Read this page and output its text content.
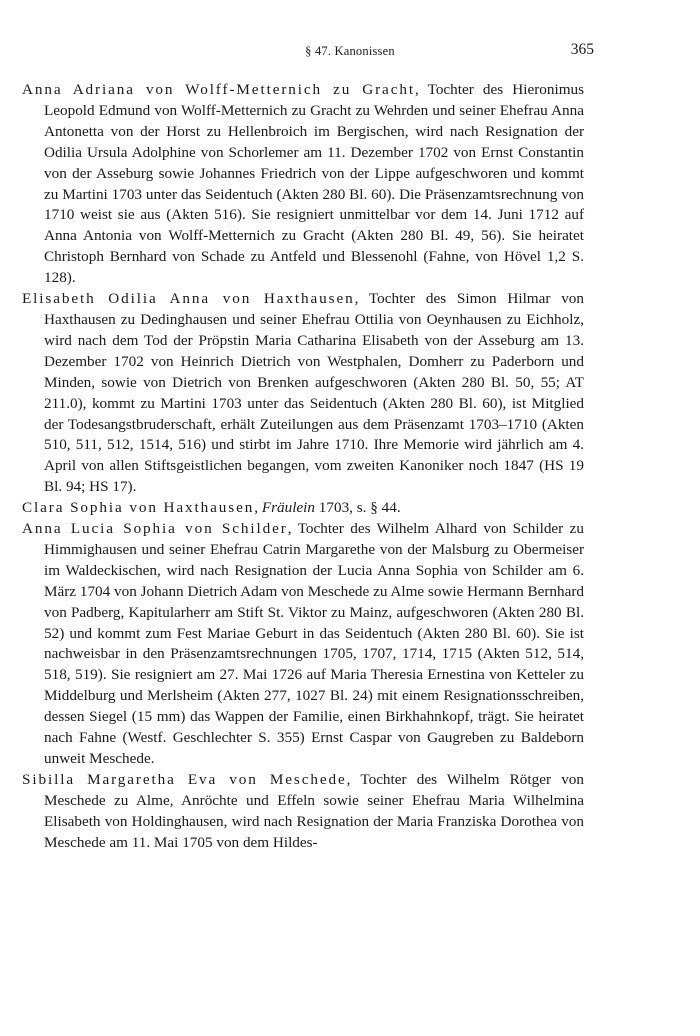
§ 47. Kanonissen	365

Anna Adriana von Wolff-Metternich zu Gracht, Tochter des Hieronimus Leopold Edmund von Wolff-Metternich zu Gracht zu Wehrden und seiner Ehefrau Anna Antonetta von der Horst zu Hellenbroich im Bergischen, wird nach Resignation der Odilia Ursula Adolphine von Schorlemer am 11. Dezember 1702 von Ernst Constantin von der Asseburg sowie Johannes Friedrich von der Lippe aufgeschworen und kommt zu Martini 1703 unter das Seidentuch (Akten 280 Bl. 60). Die Präsenzamtsrechnung von 1710 weist sie aus (Akten 516). Sie resigniert unmittelbar vor dem 14. Juni 1712 auf Anna Antonia von Wolff-Metternich zu Gracht (Akten 280 Bl. 49, 56). Sie heiratet Christoph Bernhard von Schade zu Antfeld und Blessenohl (Fahne, von Hövel 1,2 S. 128).

Elisabeth Odilia Anna von Haxthausen, Tochter des Simon Hilmar von Haxthausen zu Dedinghausen und seiner Ehefrau Ottilia von Oeynhausen zu Eichholz, wird nach dem Tod der Pröpstin Maria Catharina Elisabeth von der Asseburg am 13. Dezember 1702 von Heinrich Dietrich von Westphalen, Domherr zu Paderborn und Minden, sowie von Dietrich von Brenken aufgeschworen (Akten 280 Bl. 50, 55; AT 211.0), kommt zu Martini 1703 unter das Seidentuch (Akten 280 Bl. 60), ist Mitglied der Todesangstbruderschaft, erhält Zuteilungen aus dem Präsenzamt 1703–1710 (Akten 510, 511, 512, 1514, 516) und stirbt im Jahre 1710. Ihre Memorie wird jährlich am 4. April von allen Stiftsgeistlichen begangen, vom zweiten Kanoniker noch 1847 (HS 19 Bl. 94; HS 17).

Clara Sophia von Haxthausen, Fräulein 1703, s. § 44.

Anna Lucia Sophia von Schilder, Tochter des Wilhelm Alhard von Schilder zu Himmighausen und seiner Ehefrau Catrin Margarethe von der Malsburg zu Obermeiser im Waldeckischen, wird nach Resignation der Lucia Anna Sophia von Schilder am 6. März 1704 von Johann Dietrich Adam von Meschede zu Alme sowie Hermann Bernhard von Padberg, Kapitularherr am Stift St. Viktor zu Mainz, aufgeschworen (Akten 280 Bl. 52) und kommt zum Fest Mariae Geburt in das Seidentuch (Akten 280 Bl. 60). Sie ist nachweisbar in den Präsenzamtsrechnungen 1705, 1707, 1714, 1715 (Akten 512, 514, 518, 519). Sie resigniert am 27. Mai 1726 auf Maria Theresia Ernestina von Ketteler zu Middelburg und Merlsheim (Akten 277, 1027 Bl. 24) mit einem Resignationsschreiben, dessen Siegel (15 mm) das Wappen der Familie, einen Birkhahnkopf, trägt. Sie heiratet nach Fahne (Westf. Geschlechter S. 355) Ernst Caspar von Gaugreben zu Baldeborn unweit Meschede.

Sibilla Margaretha Eva von Meschede, Tochter des Wilhelm Rötger von Meschede zu Alme, Anröchte und Effeln sowie seiner Ehefrau Maria Wilhelmina Elisabeth von Holdinghausen, wird nach Resignation der Maria Franziska Dorothea von Meschede am 11. Mai 1705 von dem Hildes-
